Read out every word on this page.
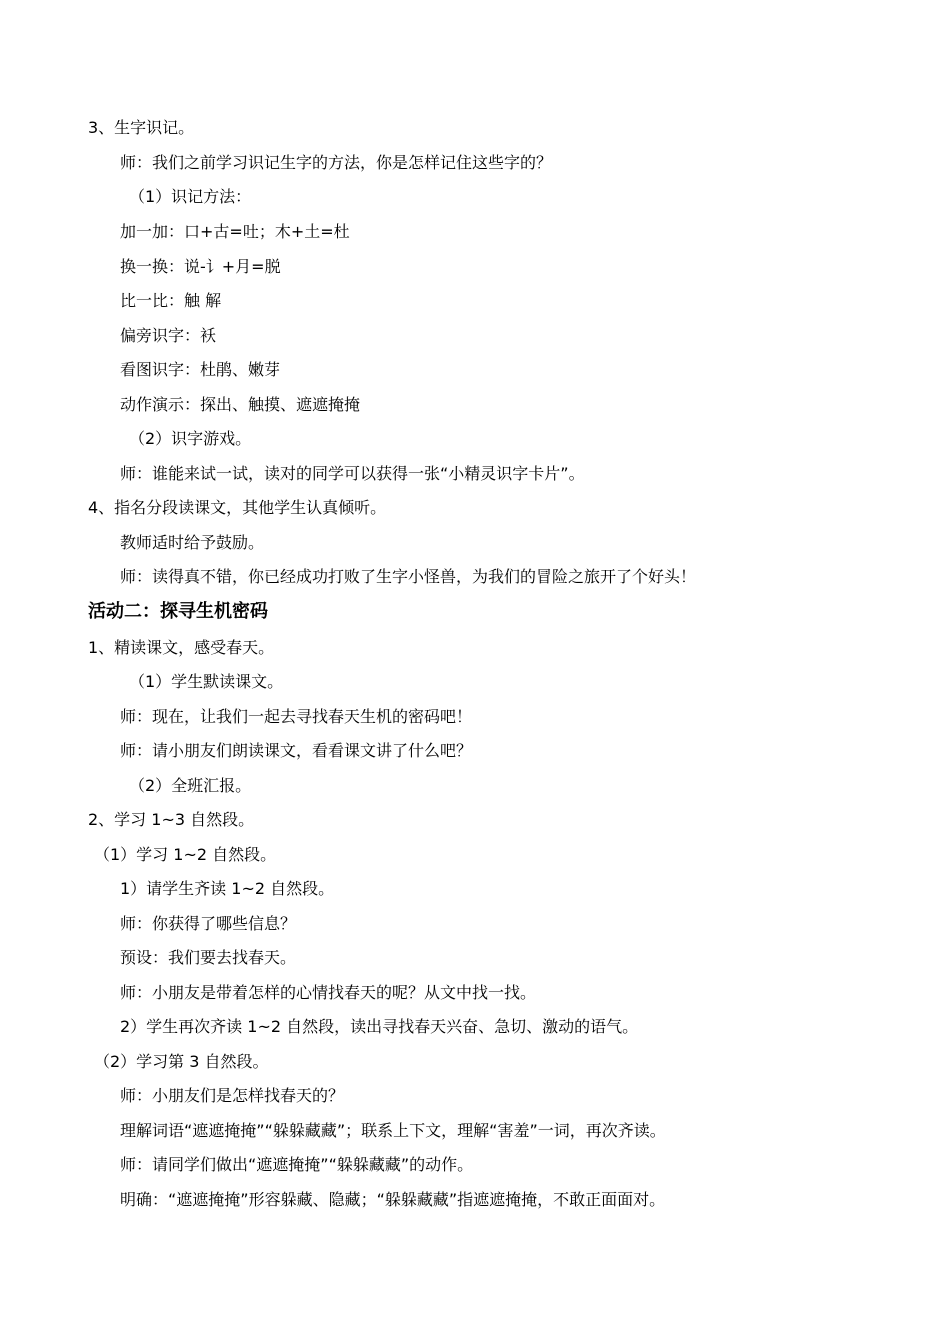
3、生字识记。
师：我们之前学习识记生字的方法，你是怎样记住这些字的？
（1）识记方法：
加一加：口+古=吐；木+土=杜
换一换：说-讠+月=脱
比一比：触 解
偏旁识字：袄
看图识字：杜鹃、嫩芽
动作演示：探出、触摸、遮遮掩掩
（2）识字游戏。
师：谁能来试一试，读对的同学可以获得一张“小精灵识字卡片”。
4、指名分段读课文，其他学生认真倾听。
教师适时给予鼓励。
师：读得真不错，你已经成功打败了生字小怪兽，为我们的冒险之旅开了个好头！
活动二：探寻生机密码
1、精读课文，感受春天。
（1）学生默读课文。
师：现在，让我们一起去寻找春天生机的密码吧！
师：请小朋友们朗读课文，看看课文讲了什么吧？
（2）全班汇报。
2、学习 1~3 自然段。
（1）学习 1~2 自然段。
1）请学生齐读 1~2 自然段。
师：你获得了哪些信息？
预设：我们要去找春天。
师：小朋友是带着怎样的心情找春天的呢？从文中找一找。
2）学生再次齐读 1~2 自然段，读出寻找春天兴奋、急切、激动的语气。
（2）学习第 3 自然段。
师：小朋友们是怎样找春天的？
理解词语“遮遮掩掩”“躲躲藏藏”；联系上下文，理解“害羞”一词，再次齐读。
师：请同学们做出“遮遮掩掩”“躲躲藏藏”的动作。
明确：“遮遮掩掩”形容躲藏、隐藏；“躲躲藏藏”指遮遮掩掩，不敢正面面对。
